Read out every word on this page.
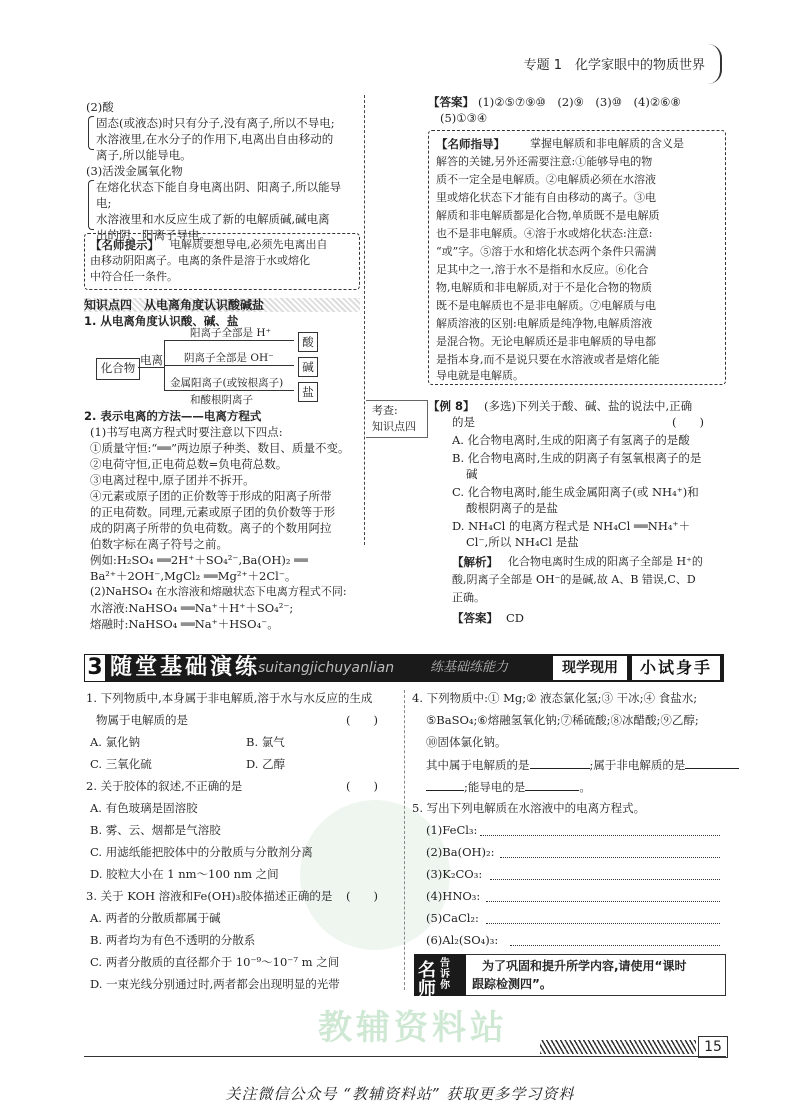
专题 1　化学家眼中的物质世界
(2)酸
固态(或液态)时只有分子,没有离子,所以不导电;
水溶液里,在水分子的作用下,电离出自由移动的
离子,所以能导电。
(3)活泼金属氧化物
在熔化状态下能自身电离出阴、阳离子,所以能导
电;
水溶液里和水反应生成了新的电解质碱,碱电离
出的阴、阳离子导电。
【名师提示】 电解质要想导电,必须先电离出自
由移动阴阳离子。电离的条件是溶于水或熔化
中符合任一条件。
知识点四　从电离角度认识酸碱盐
1. 从电离角度认识酸、碱、盐
化合物
电离
阳离子全部是 H⁺
阴离子全部是 OH⁻
金属阳离子(或铵根离子)
和酸根阴离子
酸
碱
盐
2. 表示电离的方法——电离方程式
(1)书写电离方程式时要注意以下四点:
①质量守恒:“══”两边原子种类、数目、质量不变。
②电荷守恒,正电荷总数=负电荷总数。
③电离过程中,原子团并不拆开。
④元素或原子团的正价数等于形成的阳离子所带
的正电荷数。同理,元素或原子团的负价数等于形
成的阴离子所带的负电荷数。离子的个数用阿拉
伯数字标在离子符号之前。
例如:H₂SO₄ ══2H⁺＋SO₄²⁻,Ba(OH)₂ ══
Ba²⁺＋2OH⁻,MgCl₂ ══Mg²⁺＋2Cl⁻。
(2)NaHSO₄ 在水溶液和熔融状态下电离方程式不同:
水溶液:NaHSO₄ ══Na⁺＋H⁺＋SO₄²⁻;
熔融时:NaHSO₄ ══Na⁺＋HSO₄⁻。
考查:
知识点四
【答案】 (1)②⑤⑦⑨⑩　(2)⑨　(3)⑩　(4)②⑥⑧
(5)①③④
【名师指导】 掌握电解质和非电解质的含义是
解答的关键,另外还需要注意:①能够导电的物
质不一定全是电解质。②电解质必须在水溶液
里或熔化状态下才能有自由移动的离子。③电
解质和非电解质都是化合物,单质既不是电解质
也不是非电解质。④溶于水或熔化状态:注意:
“或”字。⑤溶于水和熔化状态两个条件只需满
足其中之一,溶于水不是指和水反应。⑥化合
物,电解质和非电解质,对于不是化合物的物质
既不是电解质也不是非电解质。⑦电解质与电
解质溶液的区别:电解质是纯净物,电解质溶液
是混合物。无论电解质还是非电解质的导电都
是指本身,而不是说只要在水溶液或者是熔化能
导电就是电解质。
【例 8】 (多选)下列关于酸、碱、盐的说法中,正确
的是	(　　)
A. 化合物电离时,生成的阳离子有氢离子的是酸
B. 化合物电离时,生成的阴离子有氢氧根离子的是
碱
C. 化合物电离时,能生成金属阳离子(或 NH₄⁺)和
酸根阴离子的是盐
D. NH₄Cl 的电离方程式是 NH₄Cl ══NH₄⁺＋
Cl⁻,所以 NH₄Cl 是盐
【解析】 化合物电离时生成的阳离子全部是 H⁺的
酸,阴离子全部是 OH⁻的是碱,故 A、B 错误,C、D
正确。
【答案】 CD
3 随堂基础演练
suitangjichuyanlian	练基础练能力	现学现用	小试身手
教辅资料站
1. 下列物质中,本身属于非电解质,溶于水与水反应的生成
物属于电解质的是	(　　)
A. 氯化钠	B. 氯气
C. 三氧化硫	D. 乙醇
2. 关于胶体的叙述,不正确的是	(　　)
A. 有色玻璃是固溶胶
B. 雾、云、烟都是气溶胶
C. 用滤纸能把胶体中的分散质与分散剂分离
D. 胶粒大小在 1 nm～100 nm 之间
3. 关于 KOH 溶液和Fe(OH)₃胶体描述正确的是 (　　)
A. 两者的分散质都属于碱
B. 两者均为有色不透明的分散系
C. 两者分散质的直径都介于 10⁻⁹～10⁻⁷ m 之间
D. 一束光线分别通过时,两者都会出现明显的光带
4. 下列物质中:① Mg;② 液态氯化氢;③ 干冰;④ 食盐水;
⑤BaSO₄;⑥熔融氢氧化钠;⑦稀硫酸;⑧冰醋酸;⑨乙醇;
⑩固体氯化钠。
其中属于电解质的是	;属于非电解质的是
;能导电的是	。
5. 写出下列电解质在水溶液中的电离方程式。
(1)FeCl₃:
(2)Ba(OH)₂:
(3)K₂CO₃:
(4)HNO₃:
(5)CaCl₂:
(6)Al₂(SO₄)₃:
名
师
告诉你
为了巩固和提升所学内容,请使用“课时
跟踪检测四”。
15
关注微信公众号 “教辅资料站” 获取更多学习资料
